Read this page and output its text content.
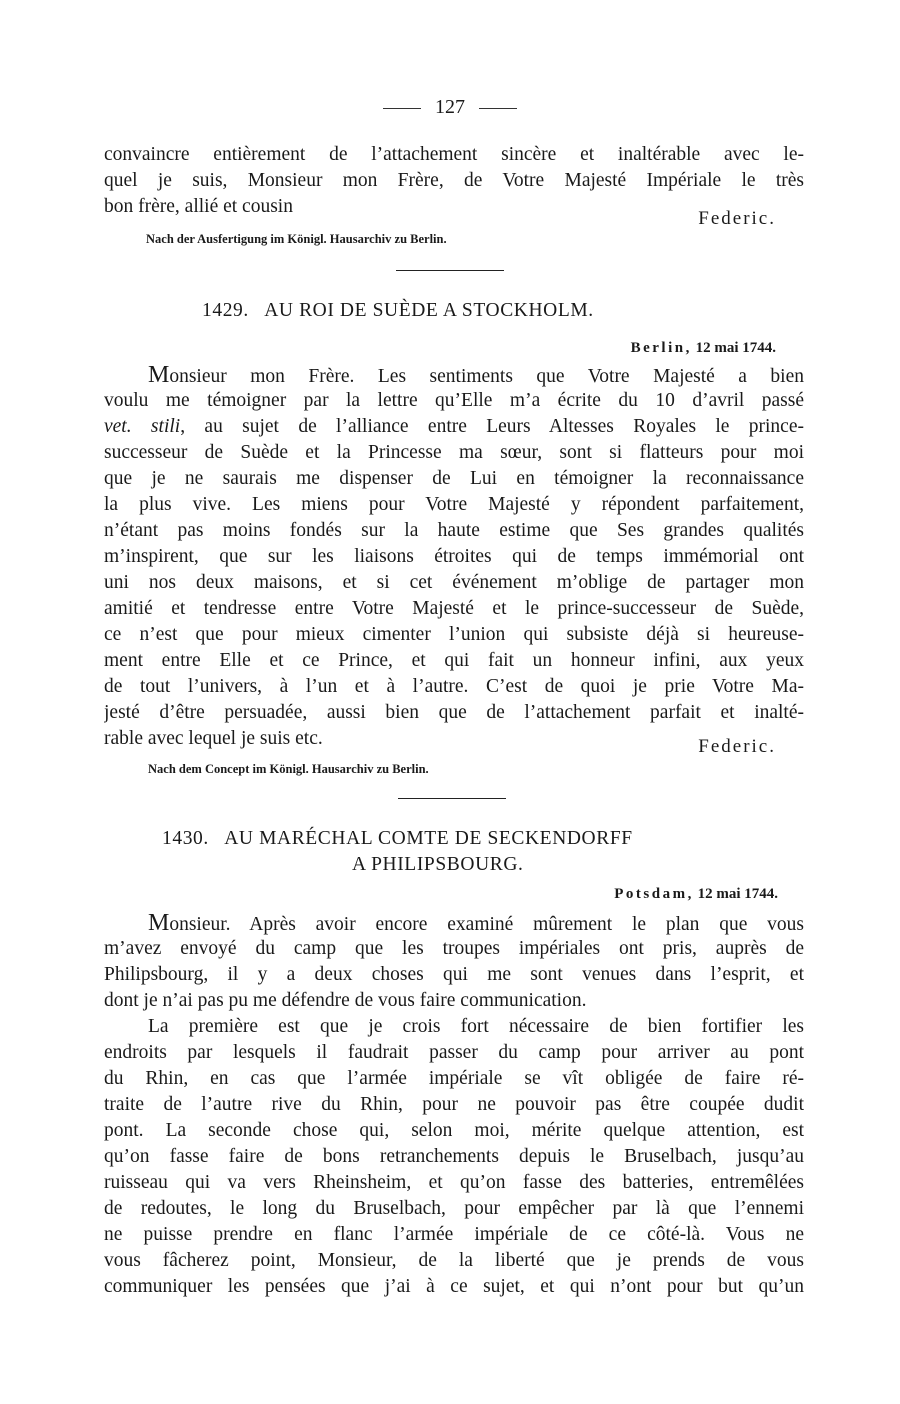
127
convaincre entièrement de l’attachement sincère et inaltérable avec le-
quel je suis, Monsieur mon Frère, de Votre Majesté Impériale le très
bon frère, allié et cousin
Federic.
Nach der Ausfertigung im Königl. Hausarchiv zu Berlin.
1429. AU ROI DE SUÈDE A STOCKHOLM.
Berlin, 12 mai 1744.
Monsieur mon Frère. Les sentiments que Votre Majesté a bien
voulu me témoigner par la lettre qu’Elle m’a écrite du 10 d’avril passé
vet. stili, au sujet de l’alliance entre Leurs Altesses Royales le prince-
successeur de Suède et la Princesse ma sœur, sont si flatteurs pour moi
que je ne saurais me dispenser de Lui en témoigner la reconnaissance
la plus vive. Les miens pour Votre Majesté y répondent parfaitement,
n’étant pas moins fondés sur la haute estime que Ses grandes qualités
m’inspirent, que sur les liaisons étroites qui de temps immémorial ont
uni nos deux maisons, et si cet événement m’oblige de partager mon
amitié et tendresse entre Votre Majesté et le prince-successeur de Suède,
ce n’est que pour mieux cimenter l’union qui subsiste déjà si heureuse-
ment entre Elle et ce Prince, et qui fait un honneur infini, aux yeux
de tout l’univers, à l’un et à l’autre. C’est de quoi je prie Votre Ma-
jesté d’être persuadée, aussi bien que de l’attachement parfait et inalté-
rable avec lequel je suis etc.	Federic.
Nach dem Concept im Königl. Hausarchiv zu Berlin.
1430. AU MARÉCHAL COMTE DE SECKENDORFF
A PHILIPSBOURG.
Potsdam, 12 mai 1744.
Monsieur. Après avoir encore examiné mûrement le plan que vous
m’avez envoyé du camp que les troupes impériales ont pris, auprès de
Philipsbourg, il y a deux choses qui me sont venues dans l’esprit, et
dont je n’ai pas pu me défendre de vous faire communication.
La première est que je crois fort nécessaire de bien fortifier les
endroits par lesquels il faudrait passer du camp pour arriver au pont
du Rhin, en cas que l’armée impériale se vît obligée de faire ré-
traite de l’autre rive du Rhin, pour ne pouvoir pas être coupée dudit
pont. La seconde chose qui, selon moi, mérite quelque attention, est
qu’on fasse faire de bons retranchements depuis le Bruselbach, jusqu’au
ruisseau qui va vers Rheinsheim, et qu’on fasse des batteries, entremêlées
de redoutes, le long du Bruselbach, pour empêcher par là que l’ennemi
ne puisse prendre en flanc l’armée impériale de ce côté-là. Vous ne
vous fâcherez point, Monsieur, de la liberté que je prends de vous
communiquer les pensées que j’ai à ce sujet, et qui n’ont pour but qu’un
